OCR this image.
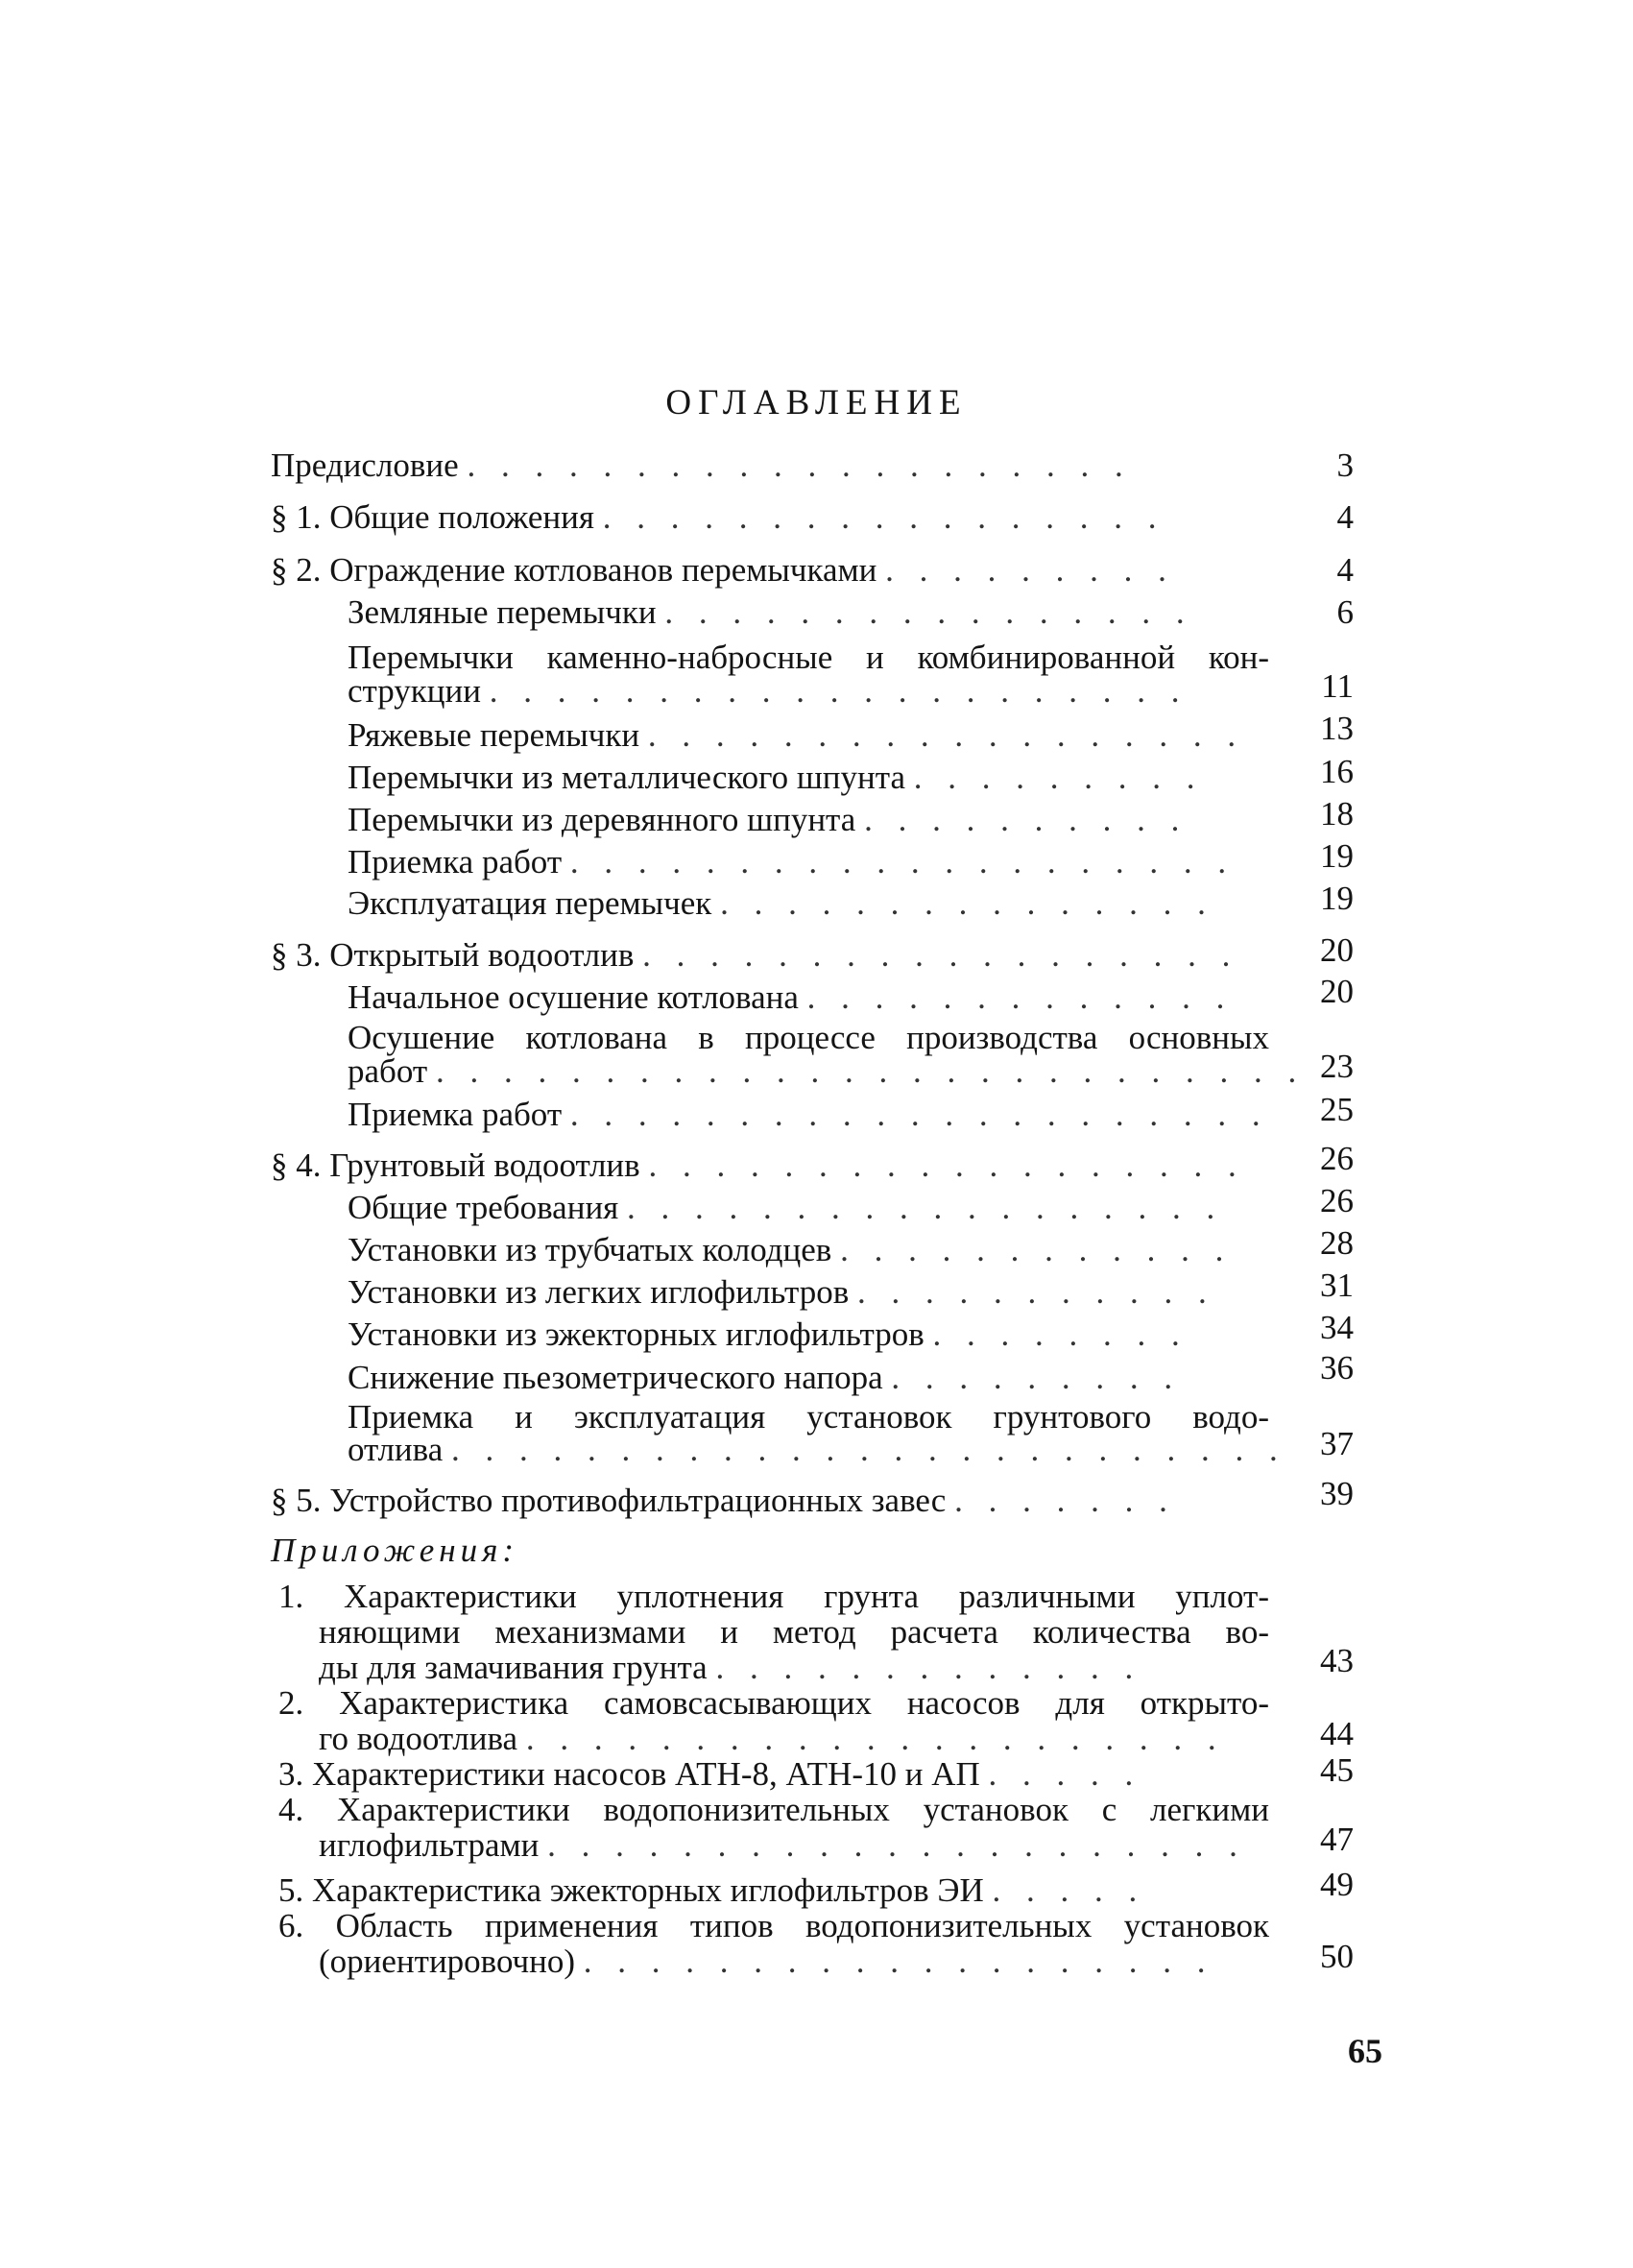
ОГЛАВЛЕНИЕ
Предисловие . . . . . . . . . . . . . . . . . . . .	3
§ 1. Общие положения . . . . . . . . . . . . . . . . .	4
§ 2. Ограждение котлованов перемычками . . . . . . . . .	4
Земляные перемычки . . . . . . . . . . . . . . . .	6
Перемычки каменно-набросные и комбинированной кон-
струкции . . . . . . . . . . . . . . . . . . . . .	11
Ряжевые перемычки . . . . . . . . . . . . . . . . . .	13
Перемычки из металлического шпунта . . . . . . . . .	16
Перемычки из деревянного шпунта . . . . . . . . . .	18
Приемка работ . . . . . . . . . . . . . . . . . . . .	19
Эксплуатация перемычек . . . . . . . . . . . . . . .	19
§ 3. Открытый водоотлив . . . . . . . . . . . . . . . . . .	20
Начальное осушение котлована . . . . . . . . . . . . .	20
Осушение котлована в процессе производства основных
работ . . . . . . . . . . . . . . . . . . . . . . . . . . 23
Приемка работ . . . . . . . . . . . . . . . . . . . . .	25
§ 4. Грунтовый водоотлив . . . . . . . . . . . . . . . . . .	26
Общие требования . . . . . . . . . . . . . . . . . .	26
Установки из трубчатых колодцев . . . . . . . . . . . .	28
Установки из легких иглофильтров . . . . . . . . . . .	31
Установки из эжекторных иглофильтров . . . . . . . .	34
Снижение пьезометрического напора . . . . . . . . .	36
Приемка и эксплуатация установок грунтового водо-
отлива . . . . . . . . . . . . . . . . . . . . . . . . .	37
§ 5. Устройство противофильтрационных завес . . . . . . .	39
Приложения:
1. Характеристики уплотнения грунта различными уплот-
няющими механизмами и метод расчета количества во-
ды для замачивания грунта . . . . . . . . . . . . .	43
2. Характеристика самовсасывающих насосов для открыто-
го водоотлива . . . . . . . . . . . . . . . . . . . . .	44
3. Характеристики насосов АТН-8, АТН-10 и АП . . . . .	45
4. Характеристики водопонизительных установок с легкими
иглофильтрами . . . . . . . . . . . . . . . . . . . . .	47
5. Характеристика эжекторных иглофильтров ЭИ . . . . .	49
6. Область применения типов водопонизительных установок
(ориентировочно) . . . . . . . . . . . . . . . . . . .	50
65
